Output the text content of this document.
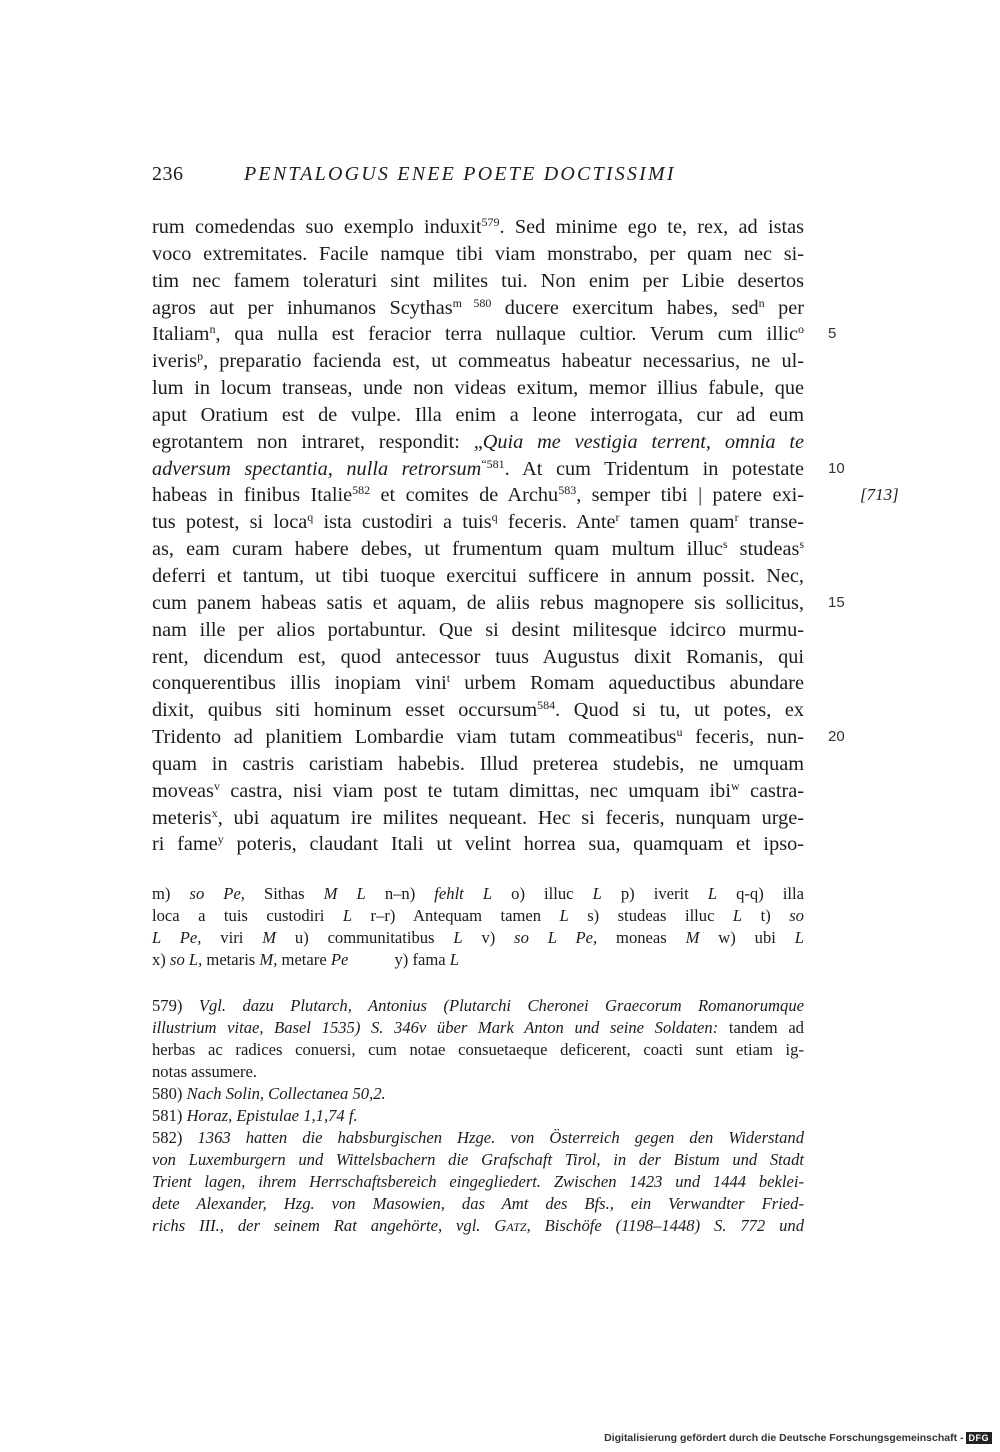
236	PENTALOGUS ENEE POETE DOCTISSIMI
rum comedendas suo exemplo induxit$^{579}$. Sed minime ego te, rex, ad istas
voco extremitates. Facile namque tibi viam monstrabo, per quam nec si-
tim nec famem toleraturi sint milites tui. Non enim per Libie desertos
agros aut per inhumanos Scythas$^{m 580}$ ducere exercitum habes, sed$^n$ per
Italiam$^n$, qua nulla est feracior terra nullaque cultior. Verum cum illic$^o$
iveris$^p$, preparatio facienda est, ut commeatus habeatur necessarius, ne ul-
lum in locum transeas, unde non videas exitum, memor illius fabule, que
aput Oratium est de vulpe. Illa enim a leone interrogata, cur ad eum
egrotantem non intraret, respondit: „Quia me vestigia terrent, omnia te
adversum spectantia, nulla retrorsum$^{“581}$. At cum Tridentum in potestate
habeas in finibus Italie$^{582}$ et comites de Archu$^{583}$, semper tibi | patere exi-
tus potest, si loca$^q$ ista custodiri a tuis$^q$ feceris. Ante$^r$ tamen quam$^r$ transe-
as, eam curam habere debes, ut frumentum quam multum illuc$^s$ studeas$^s$
deferri et tantum, ut tibi tuoque exercitui sufficere in annum possit. Nec,
cum panem habeas satis et aquam, de aliis rebus magnopere sis sollicitus,
nam ille per alios portabuntur. Que si desint militesque idcirco murmu-
rent, dicendum est, quod antecessor tuus Augustus dixit Romanis, qui
conquerentibus illis inopiam vini$^t$ urbem Romam aqueductibus abundare
dixit, quibus siti hominum esset occursum$^{584}$. Quod si tu, ut potes, ex
Tridento ad planitiem Lombardie viam tutam commeatibus$^u$ feceris, nun-
quam in castris caristiam habebis. Illud preterea studebis, ne umquam
moveas$^v$ castra, nisi viam post te tutam dimittas, nec umquam ibi$^w$ castra-
meteris$^x$, ubi aquatum ire milites nequeant. Hec si feceris, nunquam urge-
ri fame$^y$ poteris, claudant Itali ut velint horrea sua, quamquam et ipso-
5
10
15
20
[713]
m) so Pe, Sithas M L n–n) fehlt L o) illuc L p) iverit L q-q) illa
loca a tuis custodiri L r–r) Antequam tamen L s) studeas illuc L t) so
L Pe, viri M u) communitatibus L v) so L Pe, moneas M w) ubi L
x) so L, metaris M, metare Pe	y) fama L
579) Vgl. dazu Plutarch, Antonius (Plutarchi Cheronei Graecorum Romanorumque
illustrium vitae, Basel 1535) S. 346v über Mark Anton und seine Soldaten: tandem ad
herbas ac radices conuersi, cum notae consuetaeque deficerent, coacti sunt etiam ig-
notas assumere.
580) Nach Solin, Collectanea 50,2.
581) Horaz, Epistulae 1,1,74 f.
582) 1363 hatten die habsburgischen Hzge. von Österreich gegen den Widerstand
von Luxemburgern und Wittelsbachern die Grafschaft Tirol, in der Bistum und Stadt
Trient lagen, ihrem Herrschaftsbereich eingegliedert. Zwischen 1423 und 1444 beklei-
dete Alexander, Hzg. von Masowien, das Amt des Bfs., ein Verwandter Fried-
richs III., der seinem Rat angehörte, vgl. Gatz, Bischöfe (1198–1448) S. 772 und
Digitalisierung gefördert durch die Deutsche Forschungsgemeinschaft - DFG
